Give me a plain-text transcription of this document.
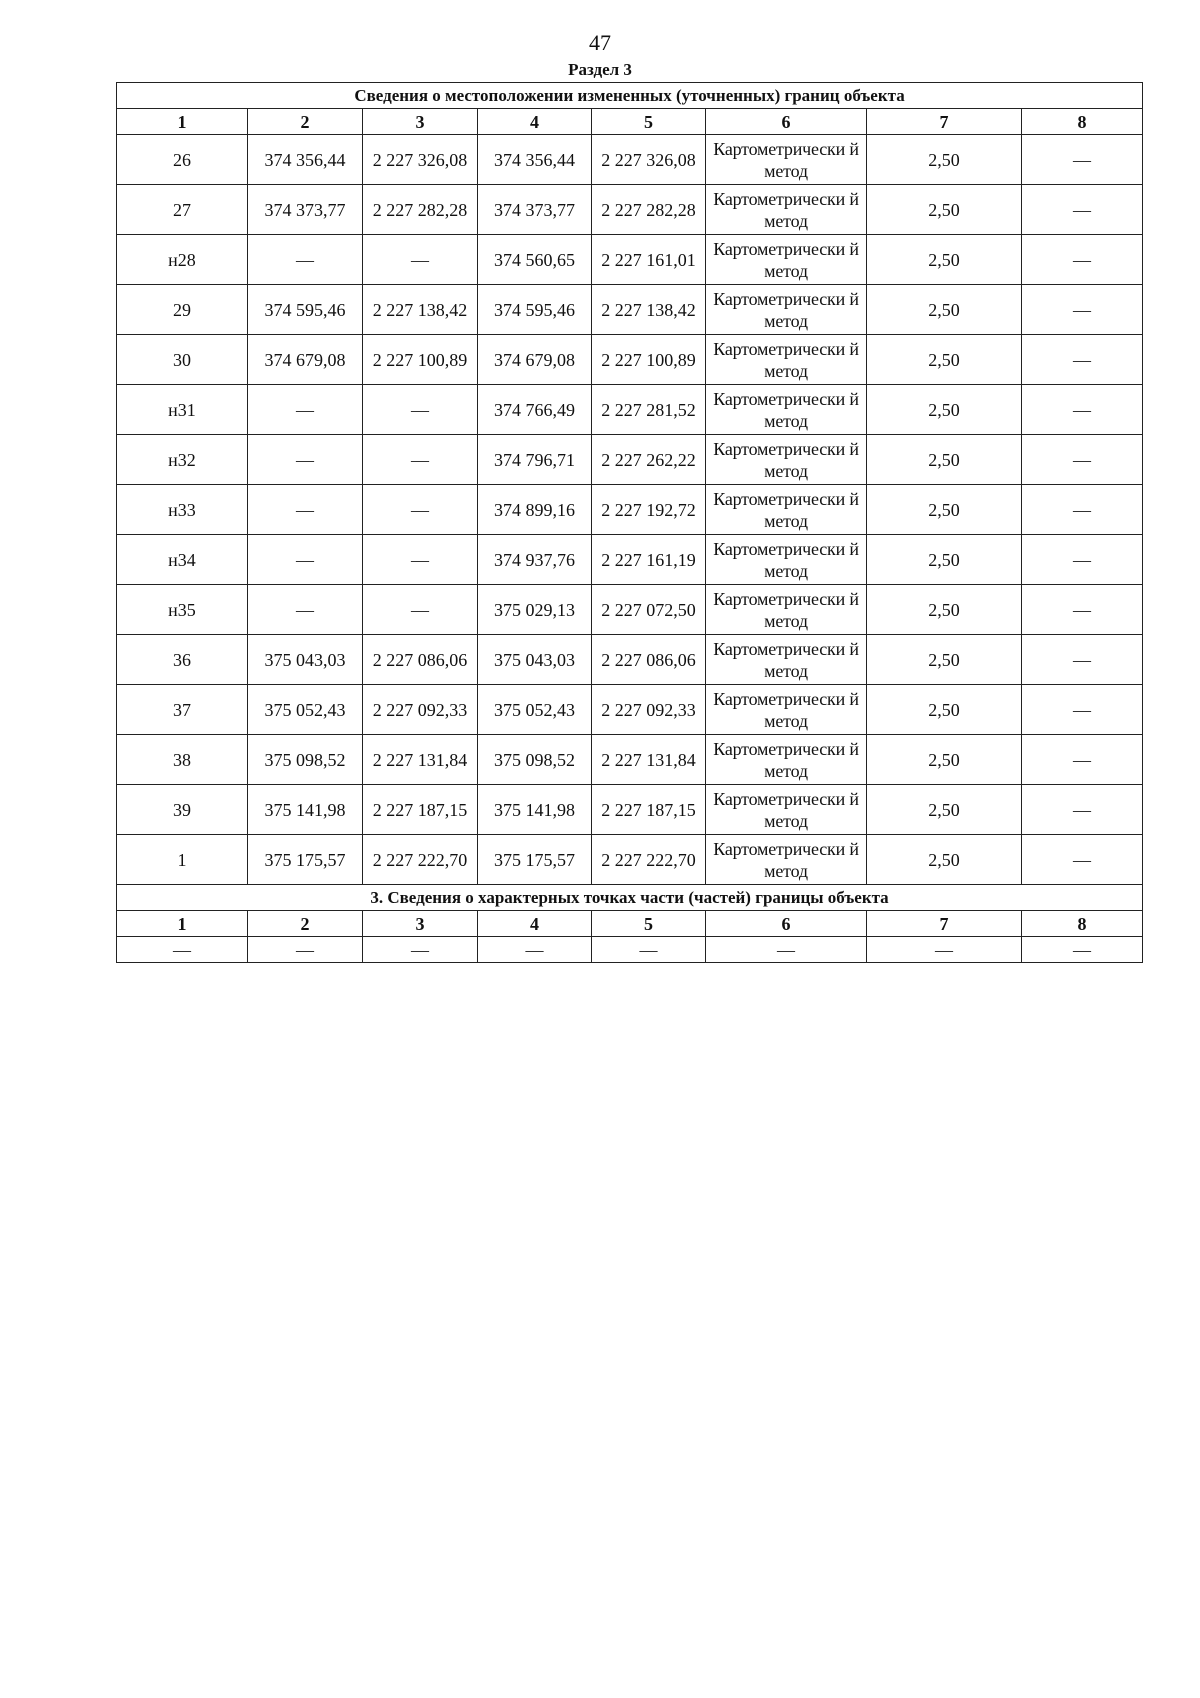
47
Раздел 3
Сведения о местоположении измененных (уточненных) границ объекта							
1	2	3	4	5	6	7	8
26	374 356,44	2 227 326,08	374 356,44	2 227 326,08	Картометрически й метод	2,50	—
27	374 373,77	2 227 282,28	374 373,77	2 227 282,28	Картометрически й метод	2,50	—
н28	—	—	374 560,65	2 227 161,01	Картометрически й метод	2,50	—
29	374 595,46	2 227 138,42	374 595,46	2 227 138,42	Картометрически й метод	2,50	—
30	374 679,08	2 227 100,89	374 679,08	2 227 100,89	Картометрически й метод	2,50	—
н31	—	—	374 766,49	2 227 281,52	Картометрически й метод	2,50	—
н32	—	—	374 796,71	2 227 262,22	Картометрически й метод	2,50	—
н33	—	—	374 899,16	2 227 192,72	Картометрически й метод	2,50	—
н34	—	—	374 937,76	2 227 161,19	Картометрически й метод	2,50	—
н35	—	—	375 029,13	2 227 072,50	Картометрически й метод	2,50	—
36	375 043,03	2 227 086,06	375 043,03	2 227 086,06	Картометрически й метод	2,50	—
37	375 052,43	2 227 092,33	375 052,43	2 227 092,33	Картометрически й метод	2,50	—
38	375 098,52	2 227 131,84	375 098,52	2 227 131,84	Картометрически й метод	2,50	—
39	375 141,98	2 227 187,15	375 141,98	2 227 187,15	Картометрически й метод	2,50	—
1	375 175,57	2 227 222,70	375 175,57	2 227 222,70	Картометрически й метод	2,50	—
3. Сведения о характерных точках части (частей) границы объекта							
1	2	3	4	5	6	7	8
—	—	—	—	—	—	—	—
